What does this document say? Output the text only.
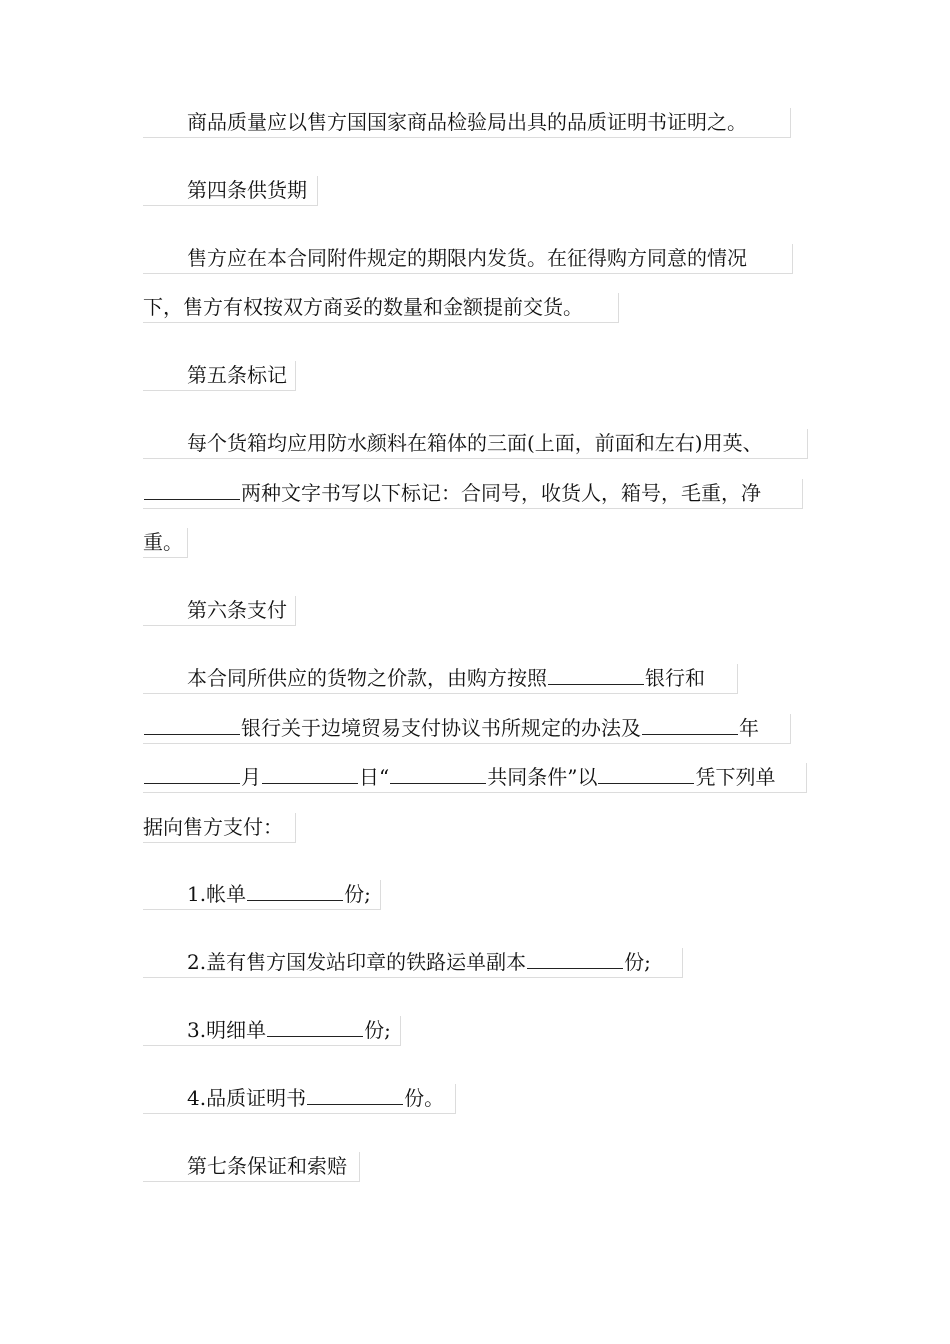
商品质量应以售方国国家商品检验局出具的品质证明书证明之。
第四条供货期
售方应在本合同附件规定的期限内发货。在征得购方同意的情况
下，售方有权按双方商妥的数量和金额提前交货。
第五条标记
每个货箱均应用防水颜料在箱体的三面(上面，前面和左右)用英、
两种文字书写以下标记：合同号，收货人，箱号，毛重，净
重。
第六条支付
本合同所供应的货物之价款，由购方按照	银行和
银行关于边境贸易支付协议书所规定的办法及	年
月	日“	共同条件”以	凭下列单
据向售方支付：
1.帐单	份;
2.盖有售方国发站印章的铁路运单副本	份;
3.明细单	份;
4.品质证明书	份。
第七条保证和索赔
